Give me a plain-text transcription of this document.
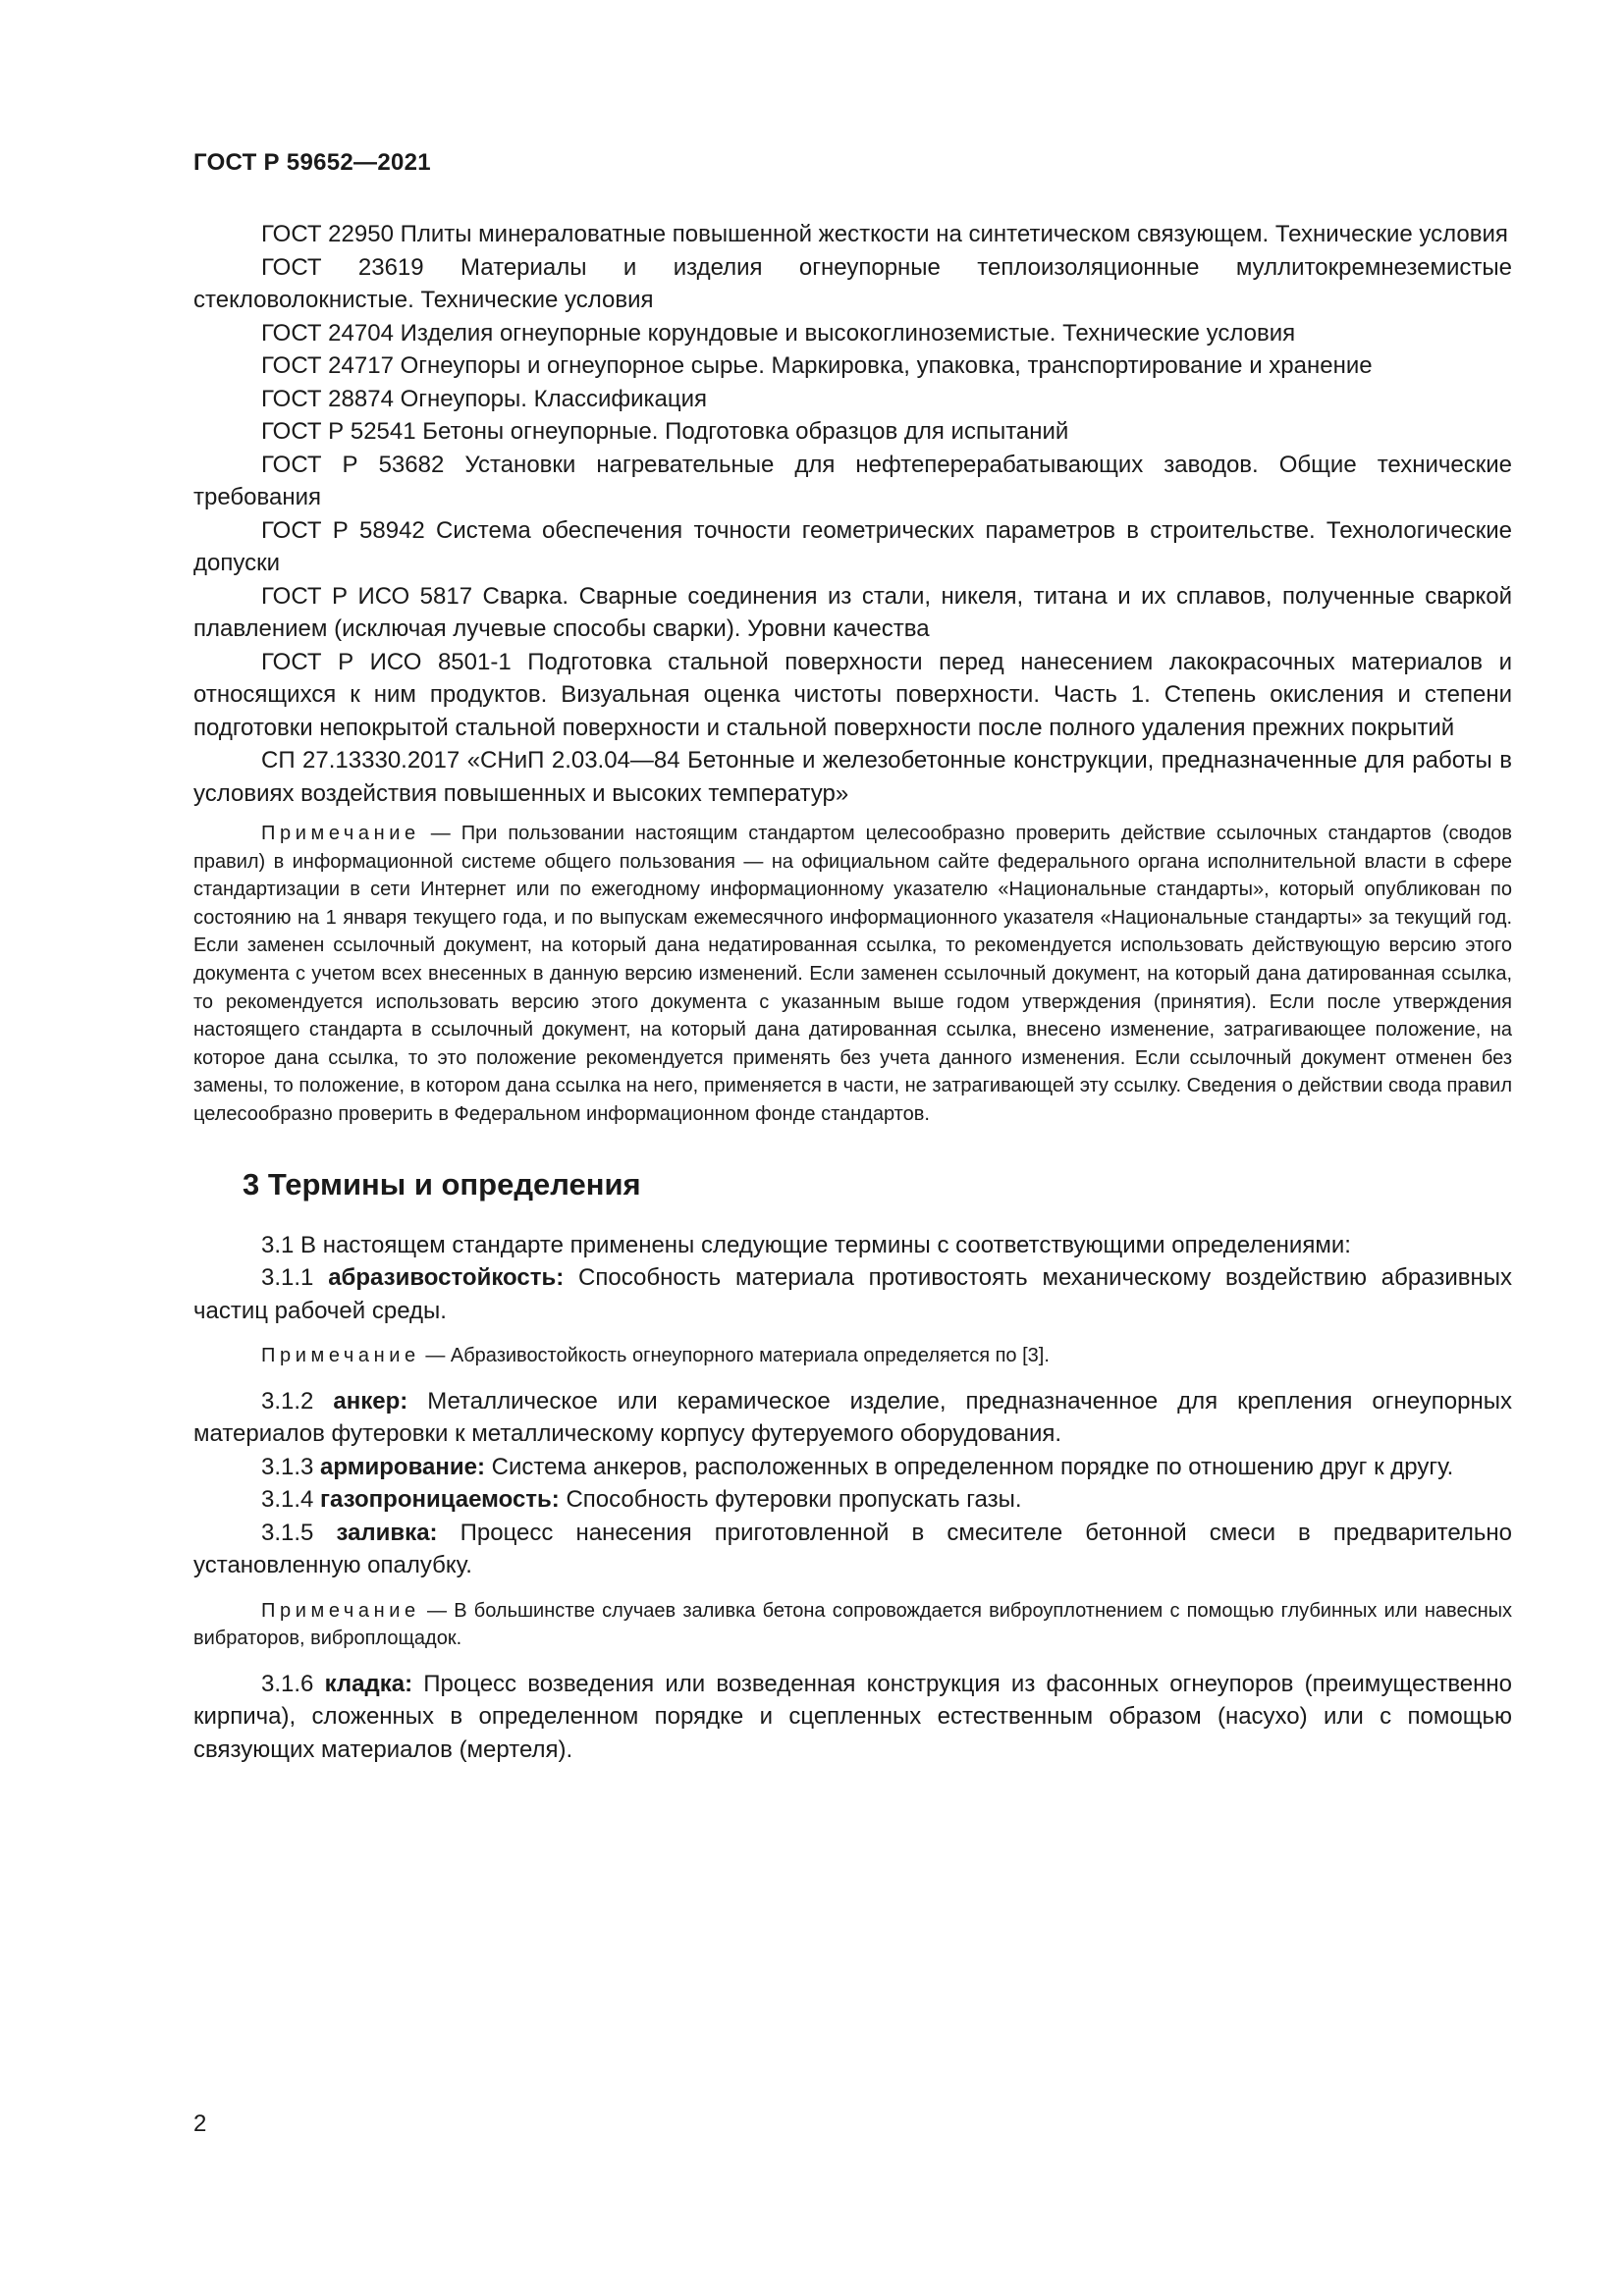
ГОСТ Р 59652—2021

ГОСТ 22950 Плиты минераловатные повышенной жесткости на синтетическом связующем. Технические условия

ГОСТ 23619 Материалы и изделия огнеупорные теплоизоляционные муллитокремнеземистые стекловолокнистые. Технические условия

ГОСТ 24704 Изделия огнеупорные корундовые и высокоглиноземистые. Технические условия

ГОСТ 24717 Огнеупоры и огнеупорное сырье. Маркировка, упаковка, транспортирование и хранение

ГОСТ 28874 Огнеупоры. Классификация

ГОСТ Р 52541 Бетоны огнеупорные. Подготовка образцов для испытаний

ГОСТ Р 53682 Установки нагревательные для нефтеперерабатывающих заводов. Общие технические требования

ГОСТ Р 58942 Система обеспечения точности геометрических параметров в строительстве. Технологические допуски

ГОСТ Р ИСО 5817 Сварка. Сварные соединения из стали, никеля, титана и их сплавов, полученные сваркой плавлением (исключая лучевые способы сварки). Уровни качества

ГОСТ Р ИСО 8501-1 Подготовка стальной поверхности перед нанесением лакокрасочных материалов и относящихся к ним продуктов. Визуальная оценка чистоты поверхности. Часть 1. Степень окисления и степени подготовки непокрытой стальной поверхности и стальной поверхности после полного удаления прежних покрытий

СП 27.13330.2017 «СНиП 2.03.04—84 Бетонные и железобетонные конструкции, предназначенные для работы в условиях воздействия повышенных и высоких температур»

Примечание — При пользовании настоящим стандартом целесообразно проверить действие ссылочных стандартов (сводов правил) в информационной системе общего пользования — на официальном сайте федерального органа исполнительной власти в сфере стандартизации в сети Интернет или по ежегодному информационному указателю «Национальные стандарты», который опубликован по состоянию на 1 января текущего года, и по выпускам ежемесячного информационного указателя «Национальные стандарты» за текущий год. Если заменен ссылочный документ, на который дана недатированная ссылка, то рекомендуется использовать действующую версию этого документа с учетом всех внесенных в данную версию изменений. Если заменен ссылочный документ, на который дана датированная ссылка, то рекомендуется использовать версию этого документа с указанным выше годом утверждения (принятия). Если после утверждения настоящего стандарта в ссылочный документ, на который дана датированная ссылка, внесено изменение, затрагивающее положение, на которое дана ссылка, то это положение рекомендуется применять без учета данного изменения. Если ссылочный документ отменен без замены, то положение, в котором дана ссылка на него, применяется в части, не затрагивающей эту ссылку. Сведения о действии свода правил целесообразно проверить в Федеральном информационном фонде стандартов.

3 Термины и определения

3.1 В настоящем стандарте применены следующие термины с соответствующими определениями:

3.1.1 абразивостойкость: Способность материала противостоять механическому воздействию абразивных частиц рабочей среды.

Примечание — Абразивостойкость огнеупорного материала определяется по [3].

3.1.2 анкер: Металлическое или керамическое изделие, предназначенное для крепления огнеупорных материалов футеровки к металлическому корпусу футеруемого оборудования.

3.1.3 армирование: Система анкеров, расположенных в определенном порядке по отношению друг к другу.

3.1.4 газопроницаемость: Способность футеровки пропускать газы.

3.1.5 заливка: Процесс нанесения приготовленной в смесителе бетонной смеси в предварительно установленную опалубку.

Примечание — В большинстве случаев заливка бетона сопровождается виброуплотнением с помощью глубинных или навесных вибраторов, виброплощадок.

3.1.6 кладка: Процесс возведения или возведенная конструкция из фасонных огнеупоров (преимущественно кирпича), сложенных в определенном порядке и сцепленных естественным образом (насухо) или с помощью связующих материалов (мертеля).

2
